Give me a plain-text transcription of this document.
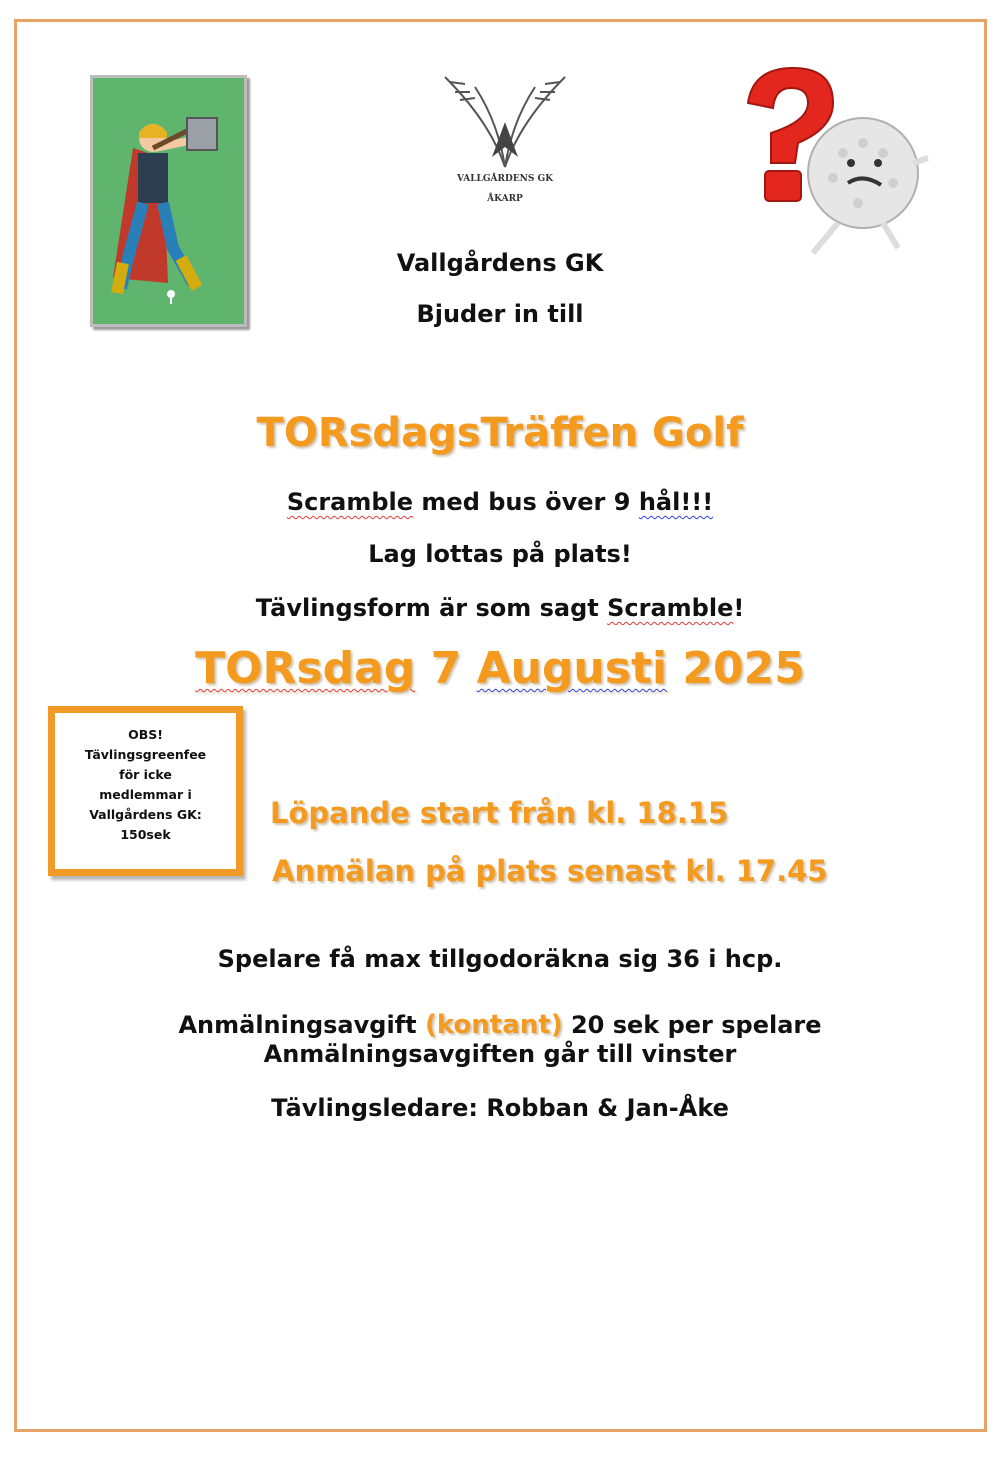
VALLGÅRDENS GK
ÅKARP
Vallgårdens GK
Bjuder in till
TORsdagsTräffen Golf
Scramble med bus över 9 hål!!!
Lag lottas på plats!
Tävlingsform är som sagt Scramble!
TORsdag 7 Augusti 2025
OBS!
Tävlingsgreenfee
för icke
medlemmar i
Vallgårdens GK:
150sek
Löpande start från kl. 18.15
Anmälan på plats senast kl. 17.45
Spelare få max tillgodoräkna sig 36 i hcp.
Anmälningsavgift (kontant) 20 sek per spelare
Anmälningsavgiften går till vinster
Tävlingsledare: Robban & Jan-Åke
